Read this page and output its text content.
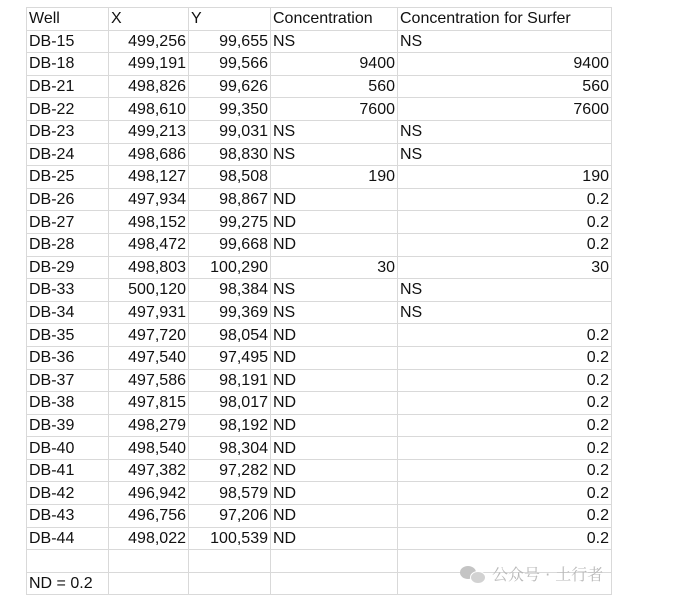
Well	X	Y	Concentration	Concentration for Surfer
DB-15	499,256	99,655	NS	NS
DB-18	499,191	99,566	9400	9400
DB-21	498,826	99,626	560	560
DB-22	498,610	99,350	7600	7600
DB-23	499,213	99,031	NS	NS
DB-24	498,686	98,830	NS	NS
DB-25	498,127	98,508	190	190
DB-26	497,934	98,867	ND	0.2
DB-27	498,152	99,275	ND	0.2
DB-28	498,472	99,668	ND	0.2
DB-29	498,803	100,290	30	30
DB-33	500,120	98,384	NS	NS
DB-34	497,931	99,369	NS	NS
DB-35	497,720	98,054	ND	0.2
DB-36	497,540	97,495	ND	0.2
DB-37	497,586	98,191	ND	0.2
DB-38	497,815	98,017	ND	0.2
DB-39	498,279	98,192	ND	0.2
DB-40	498,540	98,304	ND	0.2
DB-41	497,382	97,282	ND	0.2
DB-42	496,942	98,579	ND	0.2
DB-43	496,756	97,206	ND	0.2
DB-44	498,022	100,539	ND	0.2

ND = 0.2					公众号 · 土行者
